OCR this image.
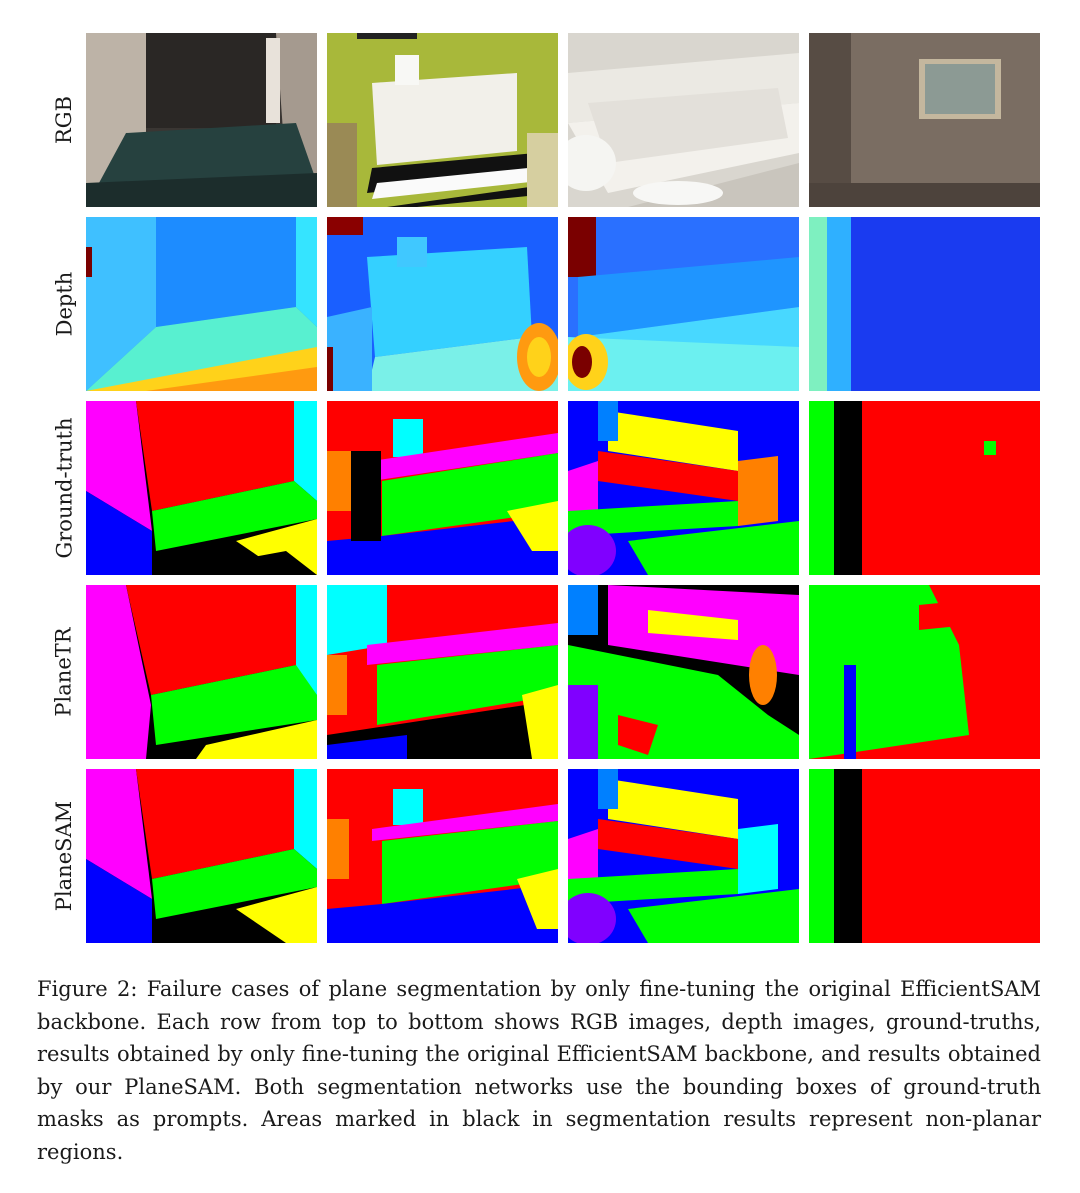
RGB
Depth
Ground-truth
PlaneTR
PlaneSAM
Figure 2: Failure cases of plane segmentation by only fine-tuning the original EfficientSAM backbone. Each row from top to bottom shows RGB images, depth images, ground-truths, results obtained by only fine-tuning the original EfficientSAM backbone, and results obtained by our PlaneSAM. Both segmentation networks use the bounding boxes of ground-truth masks as prompts. Areas marked in black in segmentation results represent non-planar regions.
